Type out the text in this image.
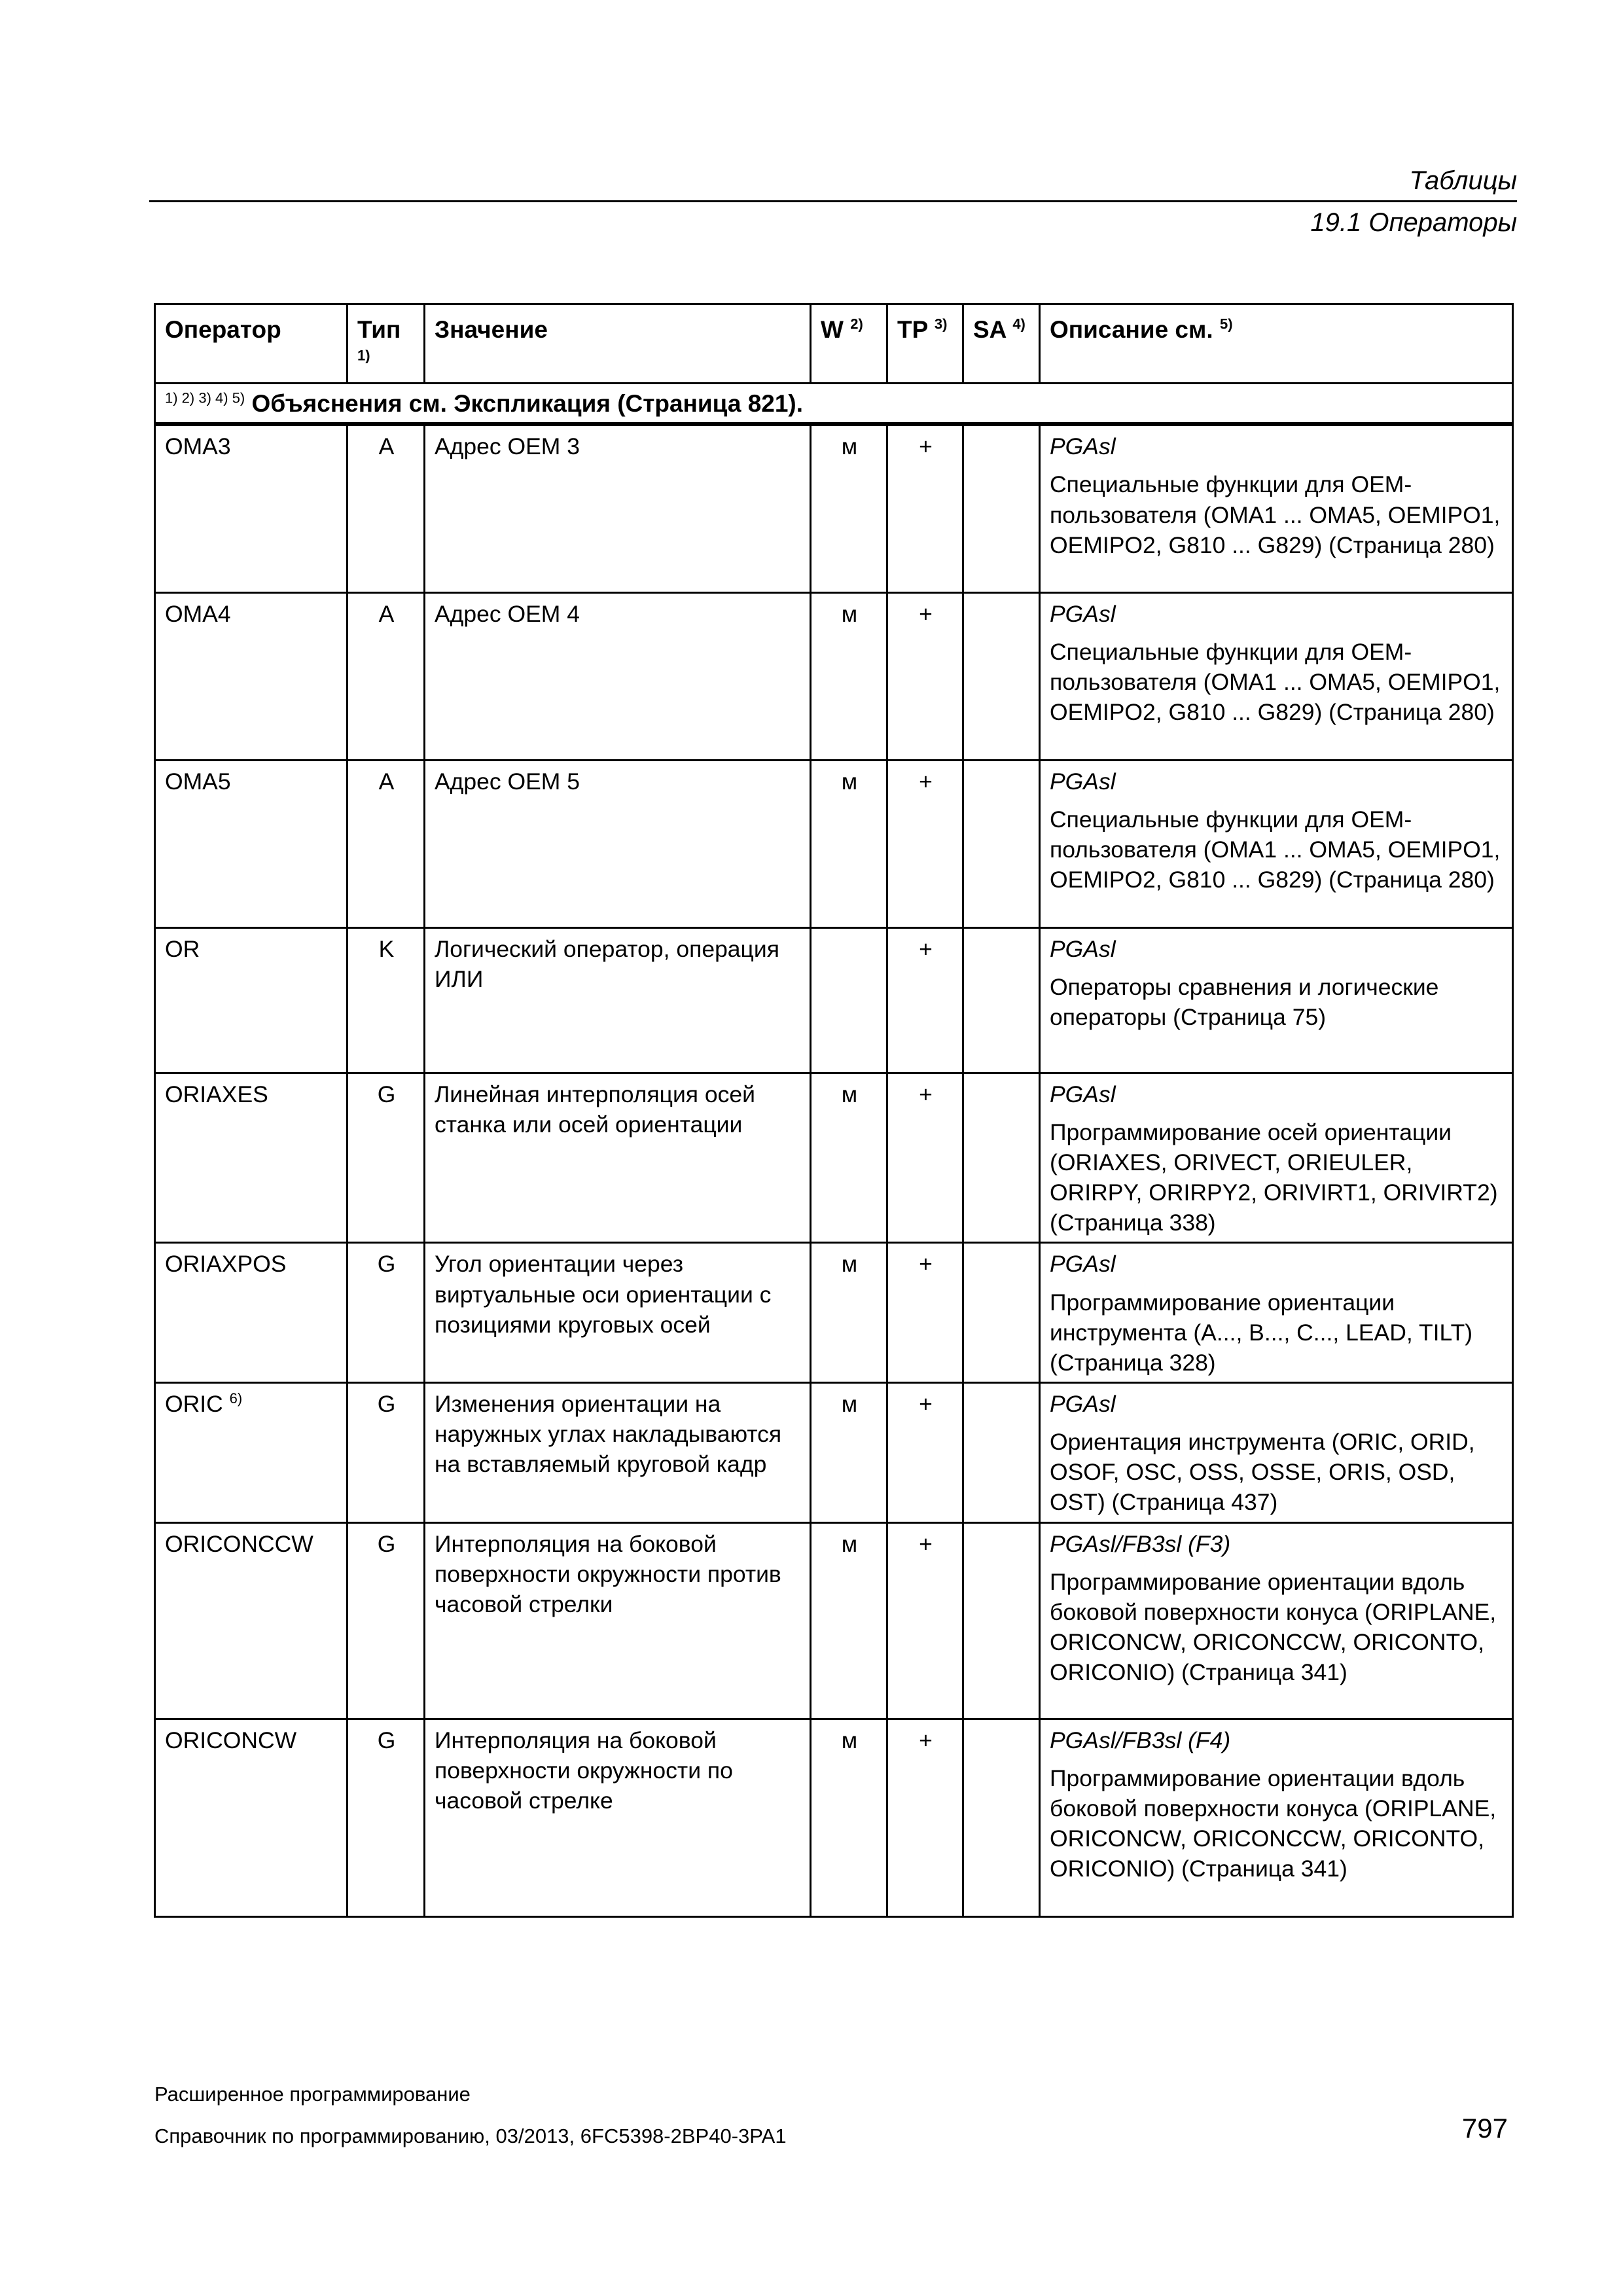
Таблицы
19.1 Операторы
Оператор	Тип $^{1)}$	Значение	W $^{2)}$	TP $^{3)}$	SA $^{4)}$	Описание см. $^{5)}$
$^{1) 2) 3) 4) 5)}$ Объяснения см. Экспликация (Страница 821).						
OMA3	A	Адрес OEM 3	м	+		PGAsl
Специальные функции для OEM-пользователя (OMA1 ... OMA5, OEMIPO1, OEMIPO2, G810 ... G829) (Страница 280)

OMA4	A	Адрес OEM 4	м	+		PGAsl
Специальные функции для OEM-пользователя (OMA1 ... OMA5, OEMIPO1, OEMIPO2, G810 ... G829) (Страница 280)

OMA5	A	Адрес OEM 5	м	+		PGAsl
Специальные функции для OEM-пользователя (OMA1 ... OMA5, OEMIPO1, OEMIPO2, G810 ... G829) (Страница 280)

OR	K	Логический оператор, операция ИЛИ		+		PGAsl
Операторы сравнения и логические операторы (Страница 75)

ORIAXES	G	Линейная интерполяция осей станка или осей ориентации	м	+		PGAsl
Программирование осей ориентации (ORIAXES, ORIVECT, ORIEULER, ORIRPY, ORIRPY2, ORIVIRT1, ORIVIRT2) (Страница 338)

ORIAXPOS	G	Угол ориентации через виртуальные оси ориентации с позициями круговых осей	м	+		PGAsl
Программирование ориентации инструмента (A..., B..., C..., LEAD, TILT) (Страница 328)

ORIC $^{6)}$	G	Изменения ориентации на наружных углах накладываются на вставляемый круговой кадр	м	+		PGAsl
Ориентация инструмента (ORIC, ORID, OSOF, OSC, OSS, OSSE, ORIS, OSD, OST) (Страница 437)

ORICONCCW	G	Интерполяция на боковой поверхности окружности против часовой стрелки	м	+		PGAsl/FB3sl (F3)
Программирование ориентации вдоль боковой поверхности конуса (ORIPLANE, ORICONCW, ORICONCCW, ORICONTO, ORICONIO) (Страница 341)

ORICONCW	G	Интерполяция на боковой поверхности окружности по часовой стрелке	м	+		PGAsl/FB3sl (F4)
Программирование ориентации вдоль боковой поверхности конуса (ORIPLANE, ORICONCW, ORICONCCW, ORICONTO, ORICONIO) (Страница 341)
Расширенное программирование
Справочник по программированию, 03/2013, 6FC5398-2BP40-3PA1	797
